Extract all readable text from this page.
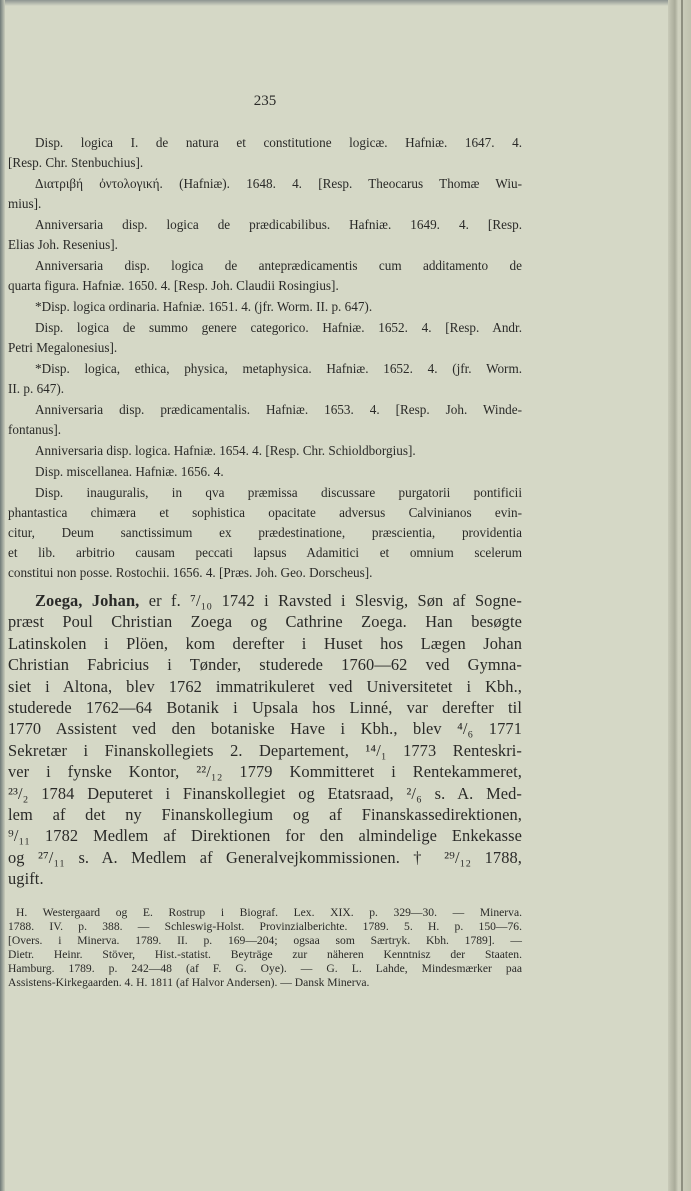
235
Disp. logica I. de natura et constitutione logicæ. Hafniæ. 1647. 4.
[Resp. Chr. Stenbuchius].
Διατριβή ὀντολογική. (Hafniæ). 1648. 4. [Resp. Theocarus Thomæ Wiu-
mius].
Anniversaria disp. logica de prædicabilibus. Hafniæ. 1649. 4. [Resp.
Elias Joh. Resenius].
Anniversaria disp. logica de anteprædicamentis cum additamento de
quarta figura. Hafniæ. 1650. 4. [Resp. Joh. Claudii Rosingius].
*Disp. logica ordinaria. Hafniæ. 1651. 4. (jfr. Worm. II. p. 647).
Disp. logica de summo genere categorico. Hafniæ. 1652. 4. [Resp. Andr.
Petri Megalonesius].
*Disp. logica, ethica, physica, metaphysica. Hafniæ. 1652. 4. (jfr. Worm.
II. p. 647).
Anniversaria disp. prædicamentalis. Hafniæ. 1653. 4. [Resp. Joh. Winde-
fontanus].
Anniversaria disp. logica. Hafniæ. 1654. 4. [Resp. Chr. Schioldborgius].
Disp. miscellanea. Hafniæ. 1656. 4.
Disp. inauguralis, in qva præmissa discussare purgatorii pontificii
phantastica chimæra et sophistica opacitate adversus Calvinianos evin-
citur, Deum sanctissimum ex prædestinatione, præscientia, providentia
et lib. arbitrio causam peccati lapsus Adamitici et omnium scelerum
constitui non posse. Rostochii. 1656. 4. [Præs. Joh. Geo. Dorscheus].
Zoega, Johan, er f. ⁷/₁₀ 1742 i Ravsted i Slesvig, Søn af Sogne-
præst Poul Christian Zoega og Cathrine Zoega. Han besøgte
Latinskolen i Plöen, kom derefter i Huset hos Lægen Johan
Christian Fabricius i Tønder, studerede 1760—62 ved Gymna-
siet i Altona, blev 1762 immatrikuleret ved Universitetet i Kbh.,
studerede 1762—64 Botanik i Upsala hos Linné, var derefter til
1770 Assistent ved den botaniske Have i Kbh., blev ⁴/₆ 1771
Sekretær i Finanskollegiets 2. Departement, ¹⁴/₁ 1773 Renteskri-
ver i fynske Kontor, ²²/₁₂ 1779 Kommitteret i Rentekammeret,
²³/₂ 1784 Deputeret i Finanskollegiet og Etatsraad, ²/₆ s. A. Med-
lem af det ny Finanskollegium og af Finanskassedirektionen,
⁹/₁₁ 1782 Medlem af Direktionen for den almindelige Enkekasse
og ²⁷/₁₁ s. A. Medlem af Generalvejkommissionen. † ²⁹/₁₂ 1788,
ugift.
H. Westergaard og E. Rostrup i Biograf. Lex. XIX. p. 329—30. — Minerva.
1788. IV. p. 388. — Schleswig-Holst. Provinzialberichte. 1789. 5. H. p. 150—76.
[Overs. i Minerva. 1789. II. p. 169—204; ogsaa som Særtryk. Kbh. 1789]. —
Dietr. Heinr. Stöver, Hist.-statist. Beyträge zur näheren Kenntnisz der Staaten.
Hamburg. 1789. p. 242—48 (af F. G. Oye). — G. L. Lahde, Mindesmærker paa
Assistens-Kirkegaarden. 4. H. 1811 (af Halvor Andersen). — Dansk Minerva.
